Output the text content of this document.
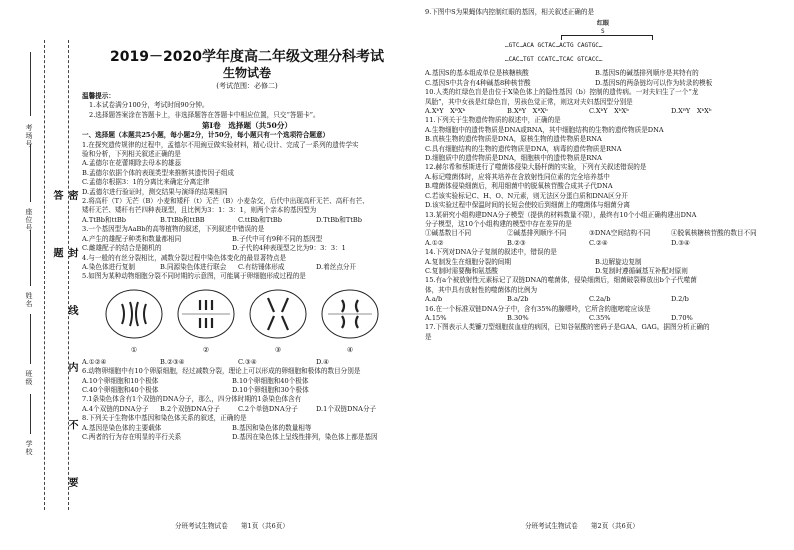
考场号
座位号
姓名
班级
学校	密 封 线 内 不 要 答 题

2019－2020学年度高二年级文理分科考试

生物试卷

(考试范围：必修二)

温馨提示：

1.本试卷满分100分，考试时间90分钟。

2.选择题答案涂在答题卡上，非选择题答在答题卡中相应位置，只交“答题卡”。

第Ⅰ卷　选择题（共50分）

一、选择题（本题共25小题，每小题2分，计50分，每小题只有一个选项符合题意）

1.在探究遗传规律的过程中，孟德尔不用豌豆做实验材料，精心设计、完成了一系列的遗传学实

验和分析，下列相关叙述正确的是

A.孟德尔在花蕾期除去母本的雄蕊

B.孟德尔依据个体的表现类型来推断其遗传因子组成

C.孟德尔根据3：1的分离比来确定分离定律

D.孟德尔进行验证时，测交结果与演绎的结果相同

2.将高秆（T）无芒（B）小麦和矮秆（t）无芒（B）小麦杂交，后代中出现高秆无芒、高秆有芒、

矮秆无芒、矮秆有芒四种表现型，且比例为3：1：3：1，则两个亲本的基因型为

A.TtBb和ttBb	B.TtBb和ttBB	C.ttBb和TtBb	D.TtBb和TtBb

3.一个基因型为AaBb的高等植物的叙述，下列叙述中错误的是

A.产生的雄配子种类和数量都相同	B.子代中可有9种不同的基因型

C.雌雄配子的结合是随机的	D.子代的4种表现型之比为9：3：3：1

4.与一般的有丝分裂相比，减数分裂过程中染色体变化的最显著特点是

A.染色体进行复制	B.同源染色体进行联会 C.有纺锤体形成	D.着丝点分开

5.如图为某种动物细胞分裂不同时期的示意图，可能属于卵细胞形成过程的是

①	②	③	④

A.①②④	B.②③④	C.③④	D.④

6.动物卵细胞中有10个卵原细胞，经过减数分裂，理论上可以形成的卵细胞和极体的数目分别是

A.10个卵细胞和10个极体	B.10个卵细胞和40个极体

C.40个卵细胞和40个极体	D.10个卵细胞和30个极体

7.1条染色体含有1个双链的DNA分子，那么，四分体时期的1条染色体含有

A.4个双链的DNA分子 B.2个双链DNA分子	C.2个单链DNA分子	D.1个双链DNA分子

8.下列关于生物体中基因和染色体关系的叙述，正确的是

A.基因是染色体的主要载体	B.基因和染色体的数量相等

C.两者的行为存在明显的平行关系	D.基因在染色体上呈线性排列，染色体上都是基因

9.下图中S为果蝇体内控制红眼的基因，相关叙述正确的是

红眼
S
…GTC…ACA GCTAC…ACTG CAGTGC…
…CAC…TGT CCATC…TCAC GTCACC…

A.基因S的基本组成单位是核糖核酸	B.基因S的碱基排列顺序是其特有的

C.基因S中共含有4种碱基8种核苷酸	D.基因S的两条链均可以作为转录的模板

10.人类的红绿色盲是由位于X染色体上的隐性基因（b）控制的遗传病。一对夫妇生了一个“龙

凤胎”，其中女孩是红绿色盲，男孩色觉正常，则这对夫妇基因型分别是

A.XᵇY　XᴮXᵇ	B.XᴮY　XᴮXᵇ	C.XᵇY　XᵇXᵇ	D.XᴮY　XᵇXᵇ

11.下列关于生物遗传物质的叙述中，正确的是

A.生物细胞中的遗传物质是DNA或RNA，其中细胞结构的生物的遗传物质是DNA

B.真核生物的遗传物质是DNA，原核生物的遗传物质是RNA

C.具有细胞结构的生物的遗传物质是DNA，病毒的遗传物质是RNA

D.细胞质中的遗传物质是DNA，细胞核中的遗传物质是RNA

12.赫尔希和蔡斯进行了噬菌体侵染大肠杆菌的实验，下列有关叙述错误的是

A.标记噬菌体时，应将其培养在含放射性同位素的完全培养基中

B.噬菌体侵染细菌后，利用细菌中的脱氧核苷酸合成其子代DNA

C.若该实验标记C、H、O、N元素，则无法区分蛋白质和DNA区分开

D.该实验过程中保温时间的长短会使较后到细菌上的噬菌体与细菌分离

13.某研究小组构建DNA分子模型（提供的材料数量不限），最终有10个小组正确构建出DNA

分子模型，这10个小组构建的模型中存在差异的是

①碱基数目不同	②碱基排列顺序不同	③DNA空间结构不同	④脱氧核糖核苷酸的数目不同

A.①②	B.②③	C.②④	D.③④

14.下列对DNA分子复制的叙述中，错误的是

A.复制发生在细胞分裂的间期	B.边解旋边复制

C.复制时需要酶和氨基酸	D.复制时遵循碱基互补配对原则

15.有a个被放射性元素标记了双链DNA的噬菌体，侵染细菌后，细菌破裂释放出b个子代噬菌

体，其中具有放射性的噬菌体的比例为

A.a/b	B.a/2b	C.2a/b	D.2/b

16.在一个标准双链DNA分子中，含有35%的腺嘌呤，它所含的胞嘧啶应该是

A.15%	B.30%	C.35%	D.70%

17.下图表示人类镰刀型细胞贫血症的病因，已知谷氨酸的密码子是GAA、GAG。据图分析正确的

是

分班考试生物试卷　　第1页（共6页）	分班考试生物试卷　　第2页（共6页）
